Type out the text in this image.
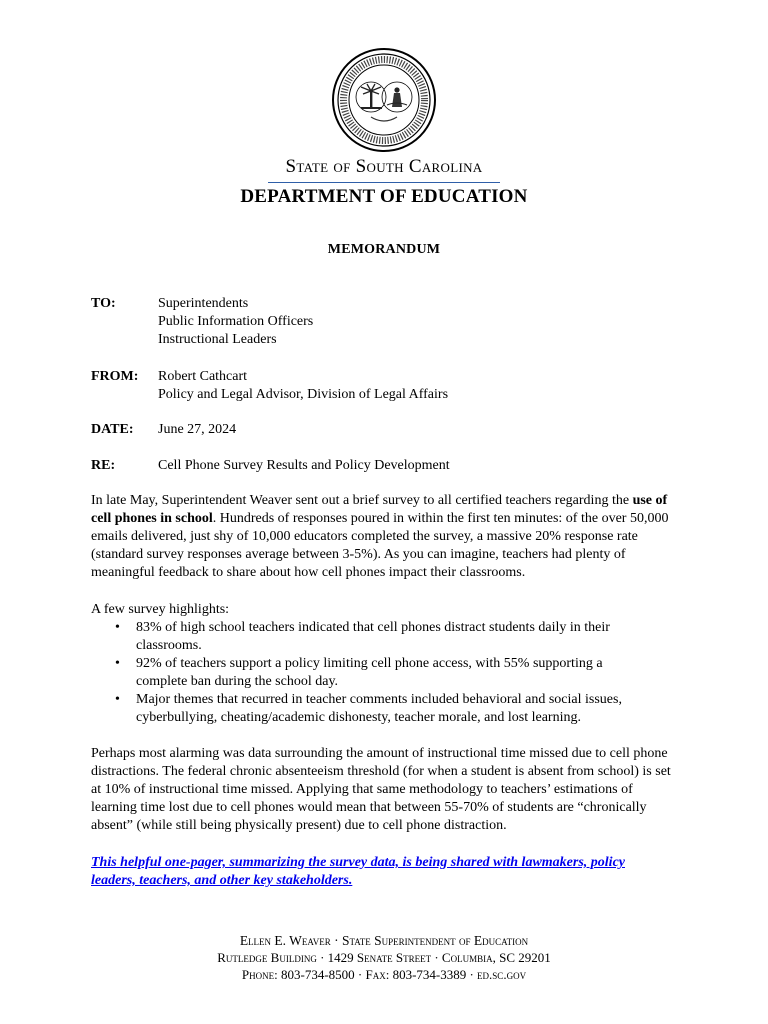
State of South Carolina
DEPARTMENT OF EDUCATION
MEMORANDUM
TO:	Superintendents
Public Information Officers
Instructional Leaders
FROM:	Robert Cathcart
Policy and Legal Advisor, Division of Legal Affairs
DATE:	June 27, 2024
RE:	Cell Phone Survey Results and Policy Development
In late May, Superintendent Weaver sent out a brief survey to all certified teachers regarding the use of cell phones in school. Hundreds of responses poured in within the first ten minutes: of the over 50,000 emails delivered, just shy of 10,000 educators completed the survey, a massive 20% response rate (standard survey responses average between 3-5%). As you can imagine, teachers had plenty of meaningful feedback to share about how cell phones impact their classrooms.
A few survey highlights:
• 83% of high school teachers indicated that cell phones distract students daily in their classrooms.
• 92% of teachers support a policy limiting cell phone access, with 55% supporting a complete ban during the school day.
• Major themes that recurred in teacher comments included behavioral and social issues, cyberbullying, cheating/academic dishonesty, teacher morale, and lost learning.
Perhaps most alarming was data surrounding the amount of instructional time missed due to cell phone distractions. The federal chronic absenteeism threshold (for when a student is absent from school) is set at 10% of instructional time missed. Applying that same methodology to teachers’ estimations of learning time lost due to cell phones would mean that between 55-70% of students are “chronically absent” (while still being physically present) due to cell phone distraction.
This helpful one-pager, summarizing the survey data, is being shared with lawmakers, policy leaders, teachers, and other key stakeholders.
Ellen E. Weaver · State Superintendent of Education
Rutledge Building · 1429 Senate Street · Columbia, SC 29201
Phone: 803-734-8500 · Fax: 803-734-3389 · ed.sc.gov
